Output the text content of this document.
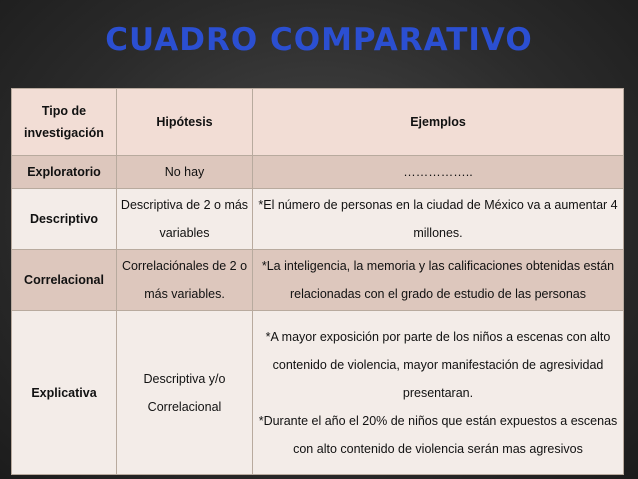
CUADRO COMPARATIVO
Tipo de
investigación	Hipótesis	Ejemplos
Exploratorio	No hay	……………..
Descriptivo	Descriptiva de 2 o más variables	*El número de personas en la ciudad de México va a aumentar 4 millones.
Correlacional	Correlaciónales de 2 o más variables.	*La inteligencia, la memoria y las calificaciones obtenidas están relacionadas con el grado de estudio de las personas
Explicativa	Descriptiva y/o Correlacional	*A mayor exposición por parte de los niños a escenas con alto contenido de violencia, mayor manifestación de agresividad presentaran.
*Durante el año el 20% de niños que están expuestos a escenas con alto contenido de violencia serán mas agresivos
